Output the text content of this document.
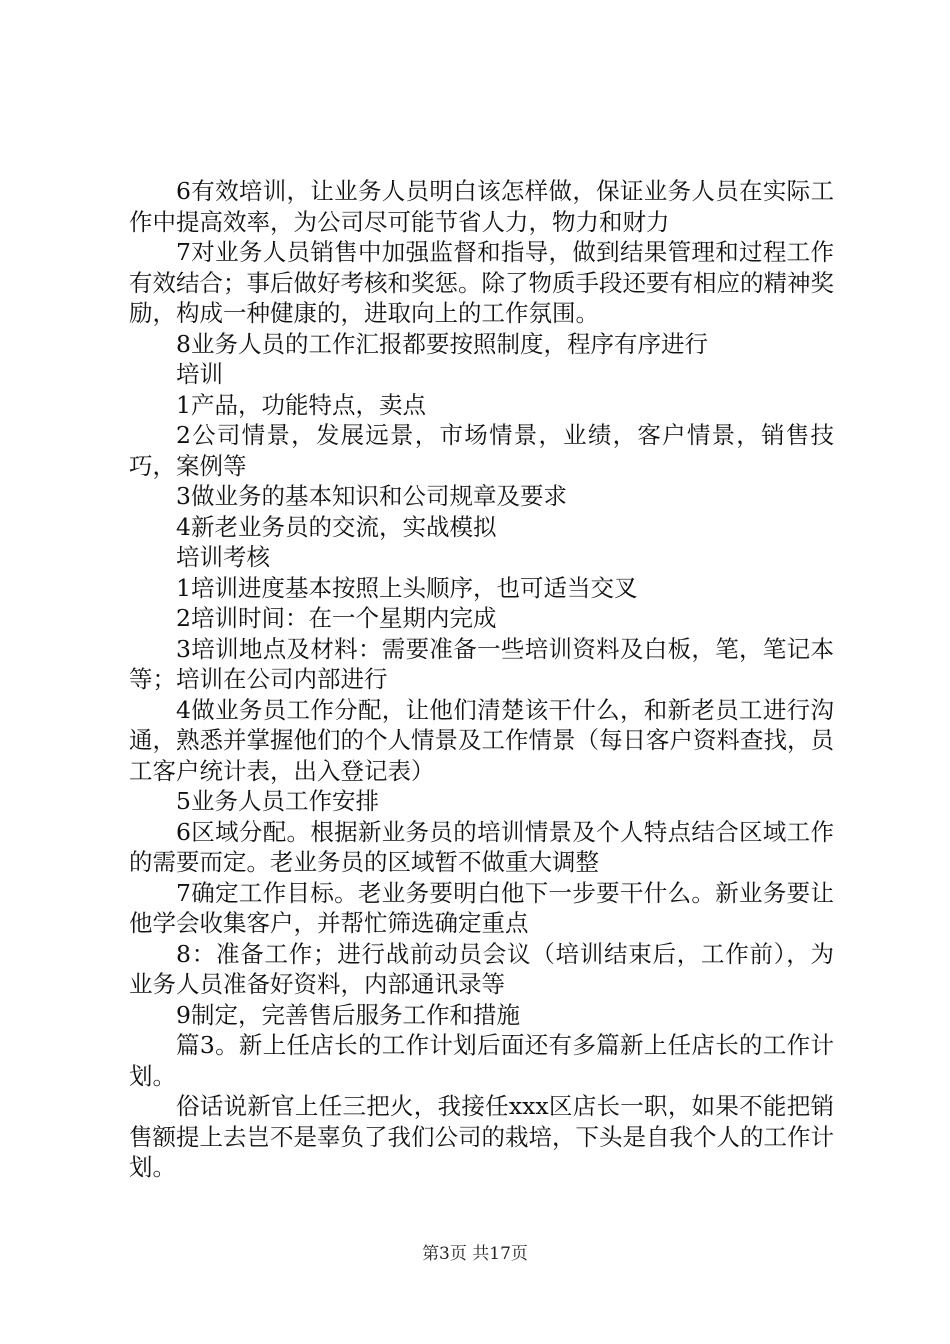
6有效培训，让业务人员明白该怎样做，保证业务人员在实际工作中提高效率，为公司尽可能节省人力，物力和财力

7对业务人员销售中加强监督和指导，做到结果管理和过程工作有效结合；事后做好考核和奖惩。除了物质手段还要有相应的精神奖励，构成一种健康的，进取向上的工作氛围。

8业务人员的工作汇报都要按照制度，程序有序进行

培训

1产品，功能特点，卖点

2公司情景，发展远景，市场情景，业绩，客户情景，销售技巧，案例等

3做业务的基本知识和公司规章及要求

4新老业务员的交流，实战模拟

培训考核

1培训进度基本按照上头顺序，也可适当交叉

2培训时间：在一个星期内完成

3培训地点及材料：需要准备一些培训资料及白板，笔，笔记本等；培训在公司内部进行

4做业务员工作分配，让他们清楚该干什么，和新老员工进行沟通，熟悉并掌握他们的个人情景及工作情景（每日客户资料查找，员工客户统计表，出入登记表）

5业务人员工作安排

6区域分配。根据新业务员的培训情景及个人特点结合区域工作的需要而定。老业务员的区域暂不做重大调整

7确定工作目标。老业务要明白他下一步要干什么。新业务要让他学会收集客户，并帮忙筛选确定重点

8：准备工作；进行战前动员会议（培训结束后，工作前），为业务人员准备好资料，内部通讯录等

9制定，完善售后服务工作和措施

篇3。新上任店长的工作计划后面还有多篇新上任店长的工作计划。

俗话说新官上任三把火，我接任xxx区店长一职，如果不能把销售额提上去岂不是辜负了我们公司的栽培，下头是自我个人的工作计划。

第3页 共17页
